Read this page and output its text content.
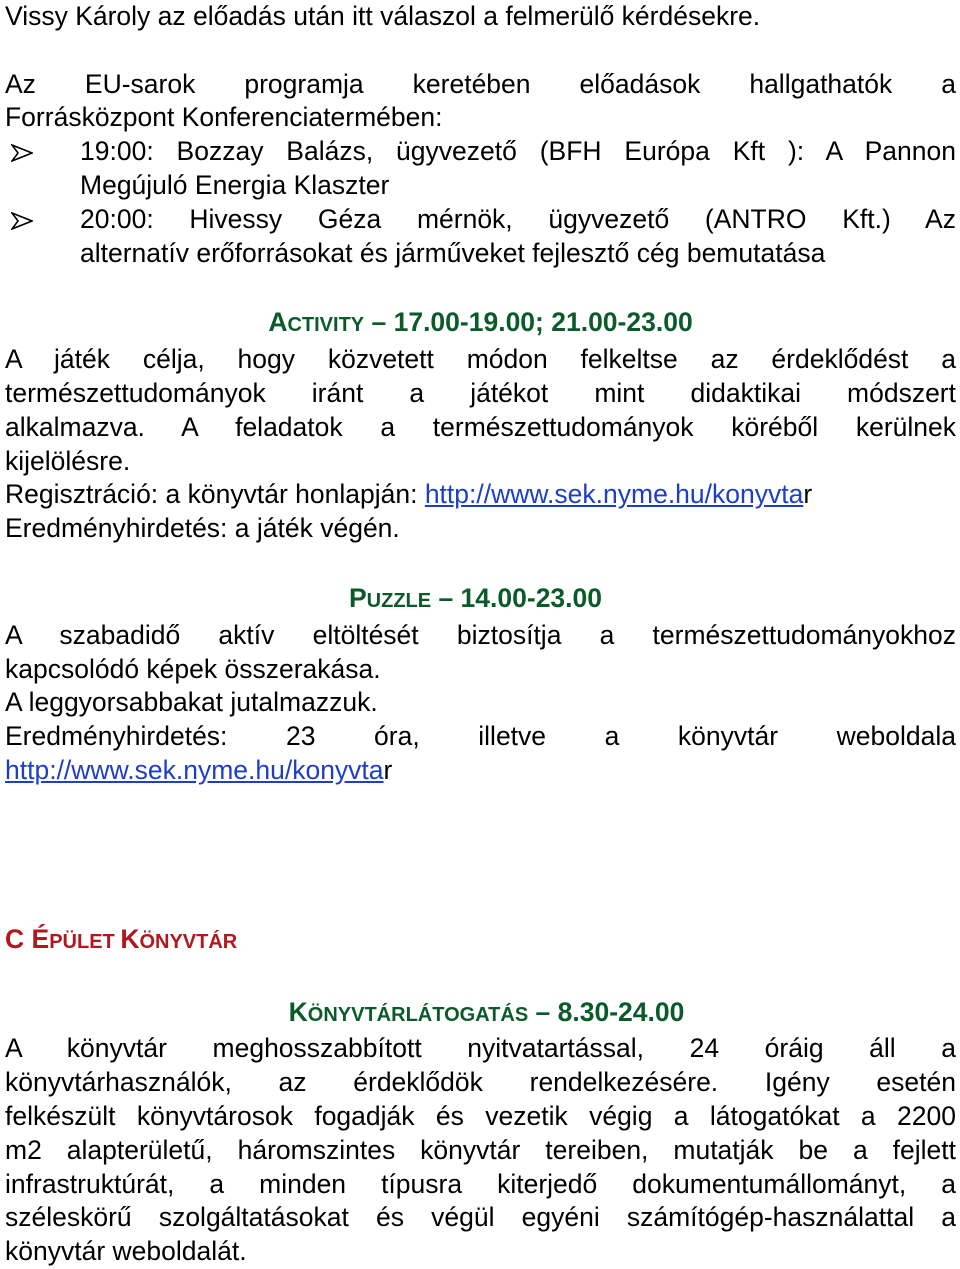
Vissy Károly az előadás után itt válaszol a felmerülő kérdésekre.

Az EU-sarok programja keretében előadások hallgathatók a

Forrásközpont Konferenciatermében:

19:00: Bozzay Balázs, ügyvezető (BFH Európa Kft ): A Pannon
Megújuló Energia Klaszter
20:00: Hivessy Géza mérnök, ügyvezető (ANTRO Kft.) Az
alternatív erőforrásokat és járműveket fejlesztő cég bemutatása

ACTIVITY – 17.00-19.00; 21.00-23.00

A játék célja, hogy közvetett módon felkeltse az érdeklődést a

természettudományok iránt a játékot mint didaktikai módszert

alkalmazva. A feladatok a természettudományok köréből kerülnek

kijelölésre.

Regisztráció: a könyvtár honlapján: http://www.sek.nyme.hu/konyvtar

Eredményhirdetés: a játék végén.

PUZZLE – 14.00-23.00

A szabadidő aktív eltöltését biztosítja a természettudományokhoz

kapcsolódó képek összerakása.

A leggyorsabbakat jutalmazzuk.

Eredményhirdetés: 23 óra, illetve a könyvtár weboldala

http://www.sek.nyme.hu/konyvtar

C ÉPÜLET KÖNYVTÁR

KÖNYVTÁRLÁTOGATÁS – 8.30-24.00

A könyvtár meghosszabbított nyitvatartással, 24 óráig áll a

könyvtárhasználók, az érdeklődök rendelkezésére. Igény esetén

felkészült könyvtárosok fogadják és vezetik végig a látogatókat a 2200

m2 alapterületű, háromszintes könyvtár tereiben, mutatják be a fejlett

infrastruktúrát, a minden típusra kiterjedő dokumentumállományt, a

széleskörű szolgáltatásokat és végül egyéni számítógép-használattal a

könyvtár weboldalát.
